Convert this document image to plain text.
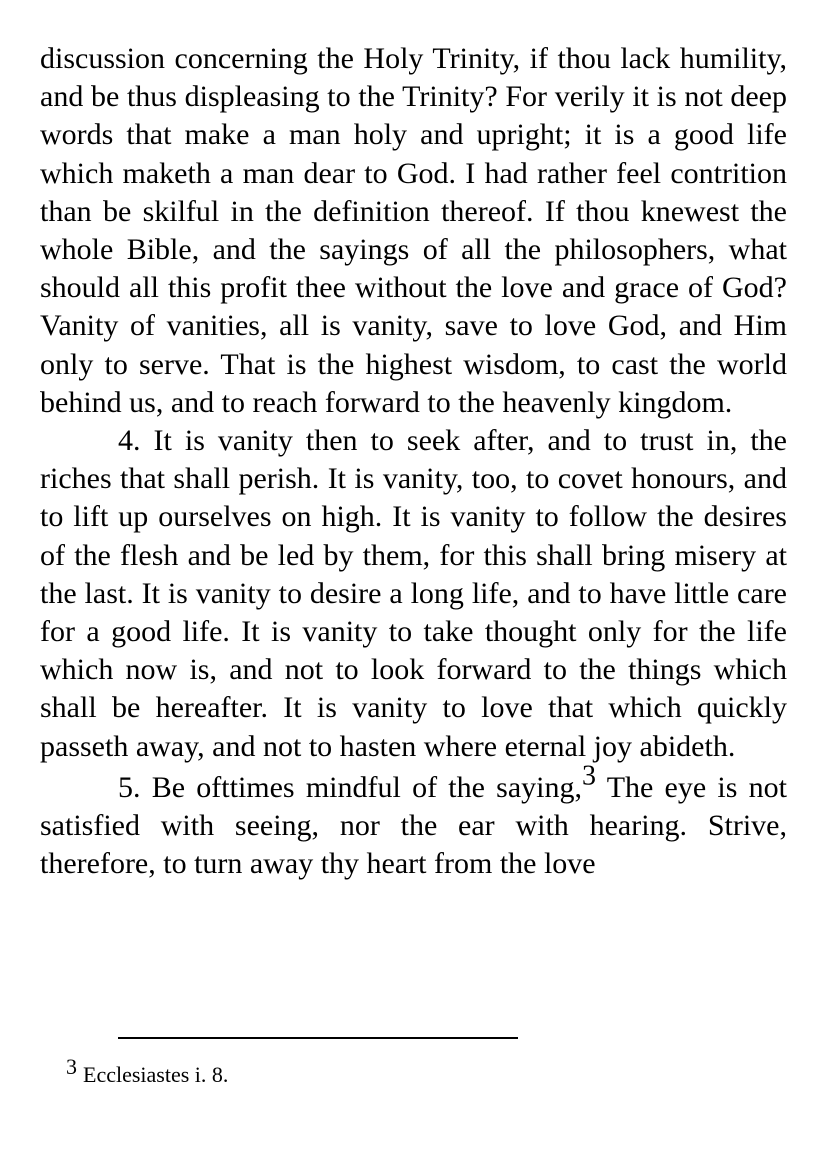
discussion concerning the Holy Trinity, if thou lack humility, and be thus displeasing to the Trinity? For verily it is not deep words that make a man holy and upright; it is a good life which maketh a man dear to God. I had rather feel contrition than be skilful in the definition thereof. If thou knewest the whole Bible, and the sayings of all the philosophers, what should all this profit thee without the love and grace of God? Vanity of vanities, all is vanity, save to love God, and Him only to serve. That is the highest wisdom, to cast the world behind us, and to reach forward to the heavenly kingdom.

4. It is vanity then to seek after, and to trust in, the riches that shall perish. It is vanity, too, to covet honours, and to lift up ourselves on high. It is vanity to follow the desires of the flesh and be led by them, for this shall bring misery at the last. It is vanity to desire a long life, and to have little care for a good life. It is vanity to take thought only for the life which now is, and not to look forward to the things which shall be hereafter. It is vanity to love that which quickly passeth away, and not to hasten where eternal joy abideth.

5. Be ofttimes mindful of the saying,3 The eye is not satisfied with seeing, nor the ear with hearing. Strive, therefore, to turn away thy heart from the love

3 Ecclesiastes i. 8.
